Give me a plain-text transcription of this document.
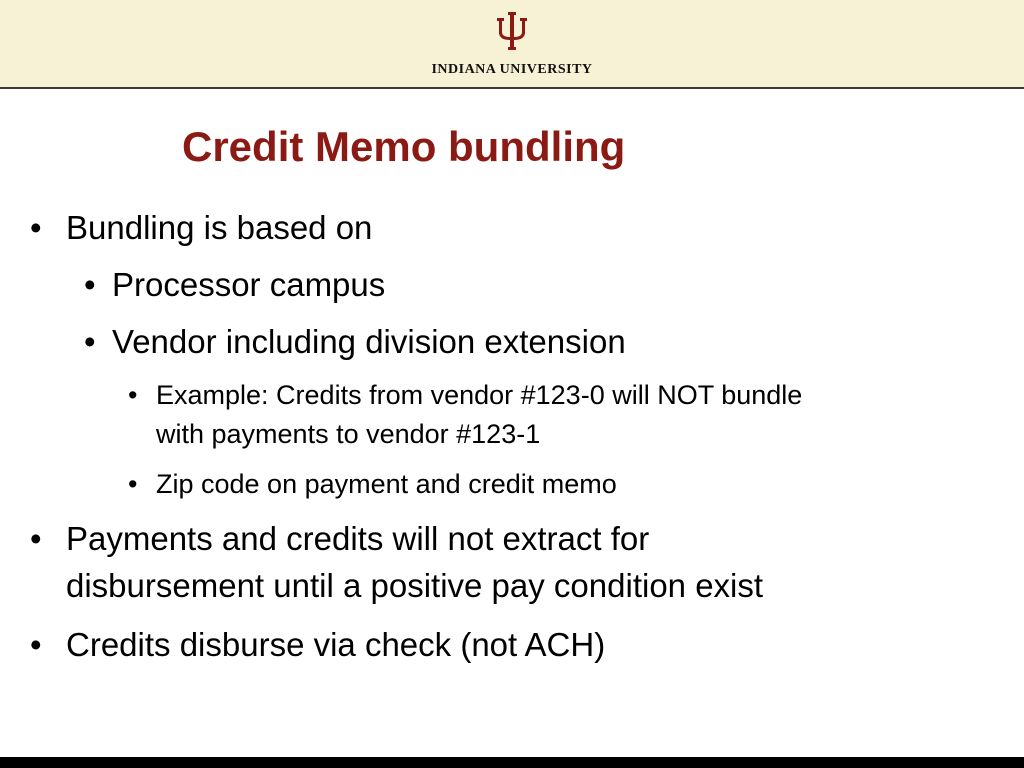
INDIANA UNIVERSITY
Credit Memo bundling
• Bundling is based on
• Processor campus
• Vendor including division extension
• Example: Credits from vendor #123-0 will NOT bundle
with payments to vendor #123-1
• Zip code on payment and credit memo
• Payments and credits will not extract for
disbursement until a positive pay condition exist
• Credits disburse via check (not ACH)
